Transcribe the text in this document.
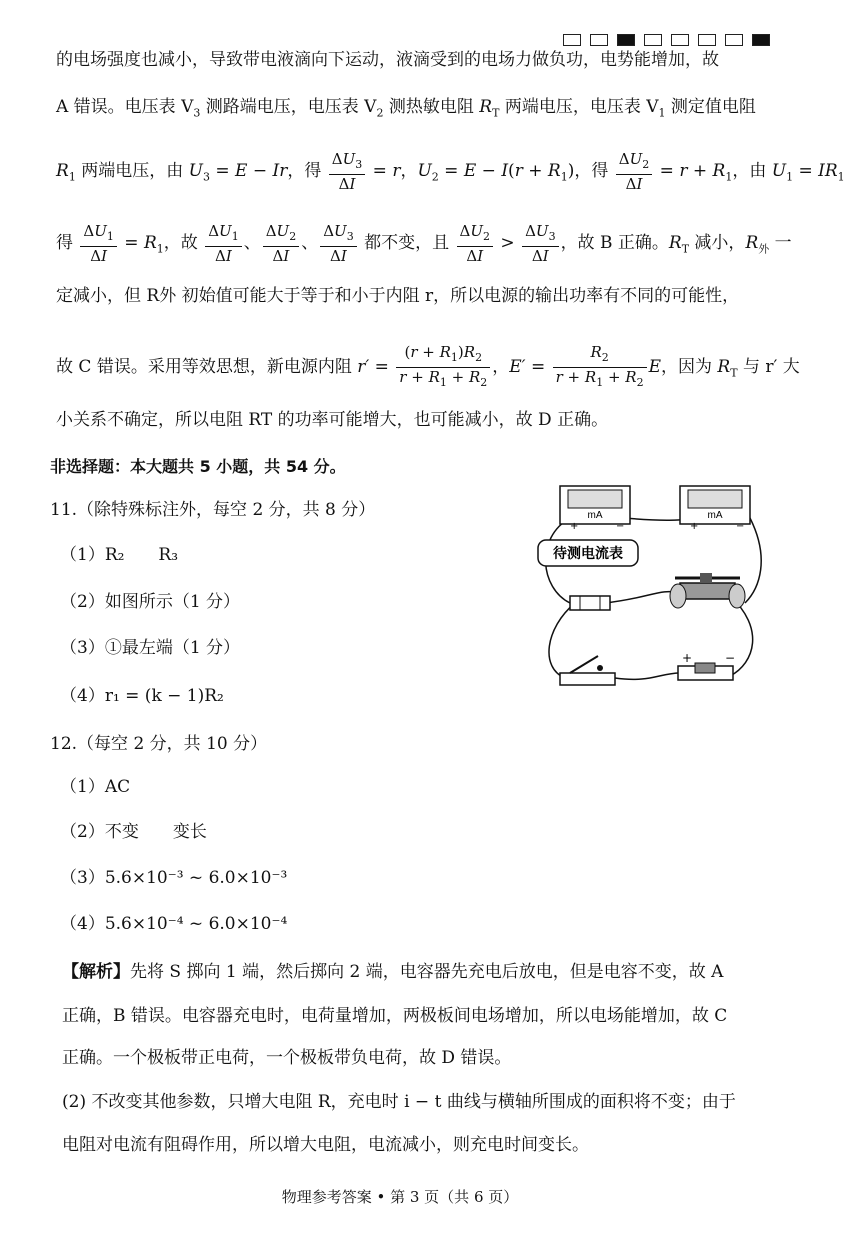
的电场强度也减小，导致带电液滴向下运动，液滴受到的电场力做负功，电势能增加，故
A 错误。电压表 $V_3$ 测路端电压，电压表 $V_2$ 测热敏电阻 $R_T$ 两端电压，电压表 $V_1$ 测定值电阻
$R_1$ 两端电压，由 $U_3 = E - Ir$，得 $\frac{\Delta U_3}{\Delta I} = r$，$U_2 = E - I(r + R_1)$，得 $\frac{\Delta U_2}{\Delta I} = r + R_1$，由 $U_1 = IR_1$
得 $\frac{\Delta U_1}{\Delta I} = R_1$，故 $\frac{\Delta U_1}{\Delta I}$ 、 $\frac{\Delta U_2}{\Delta I}$ 、 $\frac{\Delta U_3}{\Delta I}$ 都不变，且 $\frac{\Delta U_2}{\Delta I} > \frac{\Delta U_3}{\Delta I}$ ，故 B 正确。$R_T$ 减小，$R_外$ 一
定减小，但 R外 初始值可能大于等于和小于内阻 r，所以电源的输出功率有不同的可能性，
故 C 错误。采用等效思想，新电源内阻 $r' = \frac{(r + R_1)R_2}{r + R_1 + R_2}$ ，$E' = \frac{R_2}{r + R_1 + R_2}$ E，因为 $R_T$ 与 r′ 大
小关系不确定，所以电阻 RT 的功率可能增大，也可能减小，故 D 正确。
非选择题：本大题共 5 小题，共 54 分。
11.（除特殊标注外，每空 2 分，共 8 分）
（1）R₂　　R₃
（2）如图所示（1 分）
（3）①最左端（1 分）
（4）r₁ = (k − 1)R₂
mA
+	−
mA
+	−
待测电流表
+	−
12.（每空 2 分，共 10 分）
（1）AC
（2）不变　　变长
（3）5.6×10⁻³ ~ 6.0×10⁻³
（4）5.6×10⁻⁴ ~ 6.0×10⁻⁴
【解析】先将 S 掷向 1 端，然后掷向 2 端，电容器先充电后放电，但是电容不变，故 A
正确，B 错误。电容器充电时，电荷量增加，两极板间电场增加，所以电场能增加，故 C
正确。一个极板带正电荷，一个极板带负电荷，故 D 错误。
(2) 不改变其他参数，只增大电阻 R，充电时 i − t 曲线与横轴所围成的面积将不变；由于
电阻对电流有阻碍作用，所以增大电阻，电流减小，则充电时间变长。
物理参考答案 • 第 3 页（共 6 页）
